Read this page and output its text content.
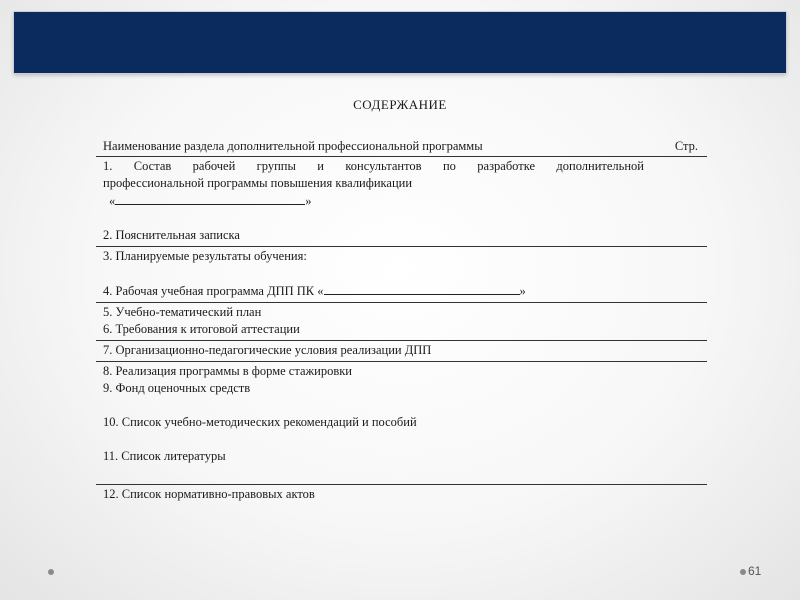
СОДЕРЖАНИЕ
Наименование раздела дополнительной профессиональной программы	Стр.
1. Состав рабочей группы и консультантов по разработке дополнительной
профессиональной программы повышения квалификации
«	»
2. Пояснительная записка
3. Планируемые результаты обучения:
4. Рабочая учебная программа ДПП ПК «	»
5. Учебно-тематический план
6. Требования к итоговой аттестации
7. Организационно-педагогические условия реализации ДПП
8. Реализация программы в форме стажировки
9. Фонд оценочных средств
10. Список учебно-методических рекомендаций и пособий
11. Список литературы
12. Список нормативно-правовых актов
61
